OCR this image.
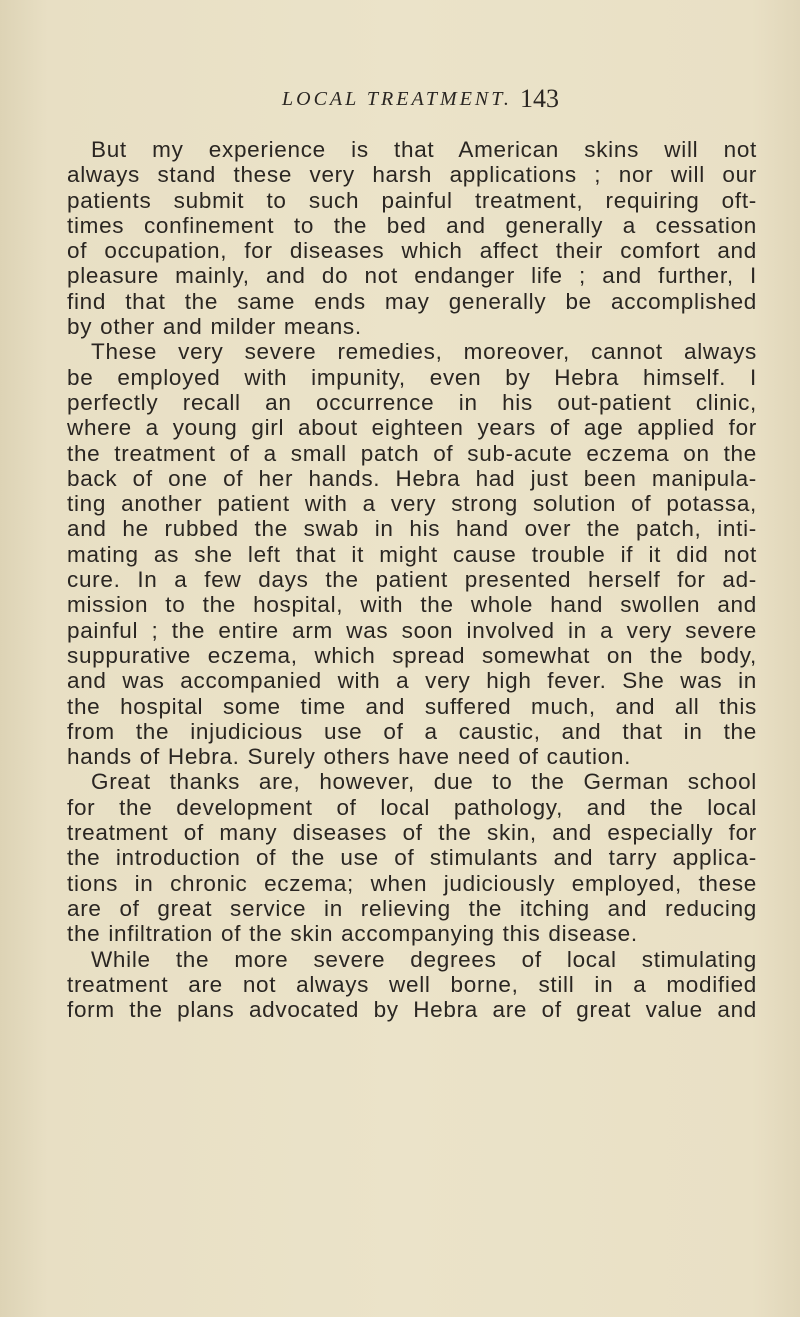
LOCAL TREATMENT. 143
But my experience is that American skins will not
always stand these very harsh applications ; nor will our
patients submit to such painful treatment, requiring oft-
times confinement to the bed and generally a cessation
of occupation, for diseases which affect their comfort and
pleasure mainly, and do not endanger life ; and further, I
find that the same ends may generally be accomplished
by other and milder means.
These very severe remedies, moreover, cannot always
be employed with impunity, even by Hebra himself. I
perfectly recall an occurrence in his out-patient clinic,
where a young girl about eighteen years of age applied for
the treatment of a small patch of sub-acute eczema on the
back of one of her hands. Hebra had just been manipula-
ting another patient with a very strong solution of potassa,
and he rubbed the swab in his hand over the patch, inti-
mating as she left that it might cause trouble if it did not
cure. In a few days the patient presented herself for ad-
mission to the hospital, with the whole hand swollen and
painful ; the entire arm was soon involved in a very severe
suppurative eczema, which spread somewhat on the body,
and was accompanied with a very high fever. She was in
the hospital some time and suffered much, and all this
from the injudicious use of a caustic, and that in the
hands of Hebra. Surely others have need of caution.
Great thanks are, however, due to the German school
for the development of local pathology, and the local
treatment of many diseases of the skin, and especially for
the introduction of the use of stimulants and tarry applica-
tions in chronic eczema; when judiciously employed, these
are of great service in relieving the itching and reducing
the infiltration of the skin accompanying this disease.
While the more severe degrees of local stimulating
treatment are not always well borne, still in a modified
form the plans advocated by Hebra are of great value and
